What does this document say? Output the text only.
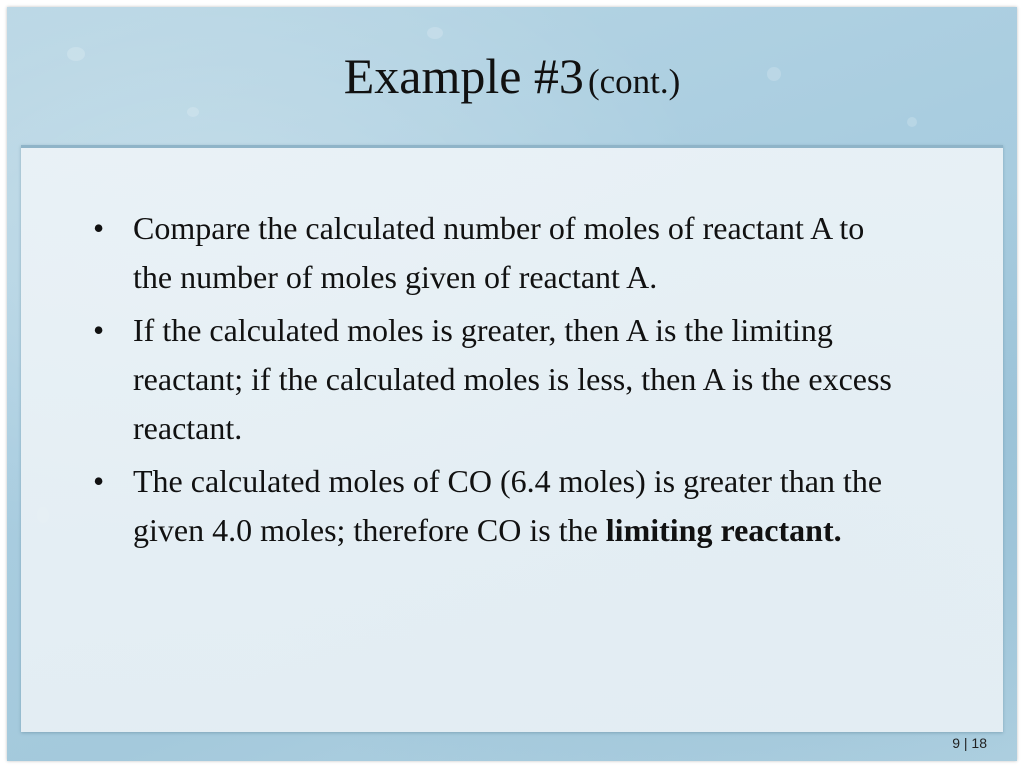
Example #3 (cont.)
• Compare the calculated number of moles of reactant A to the number of moles given of reactant A.
• If the calculated moles is greater, then A is the limiting reactant; if the calculated moles is less, then A is the excess reactant.
• The calculated moles of CO (6.4 moles) is greater than the given 4.0 moles; therefore CO is the limiting reactant.
9 | 18
